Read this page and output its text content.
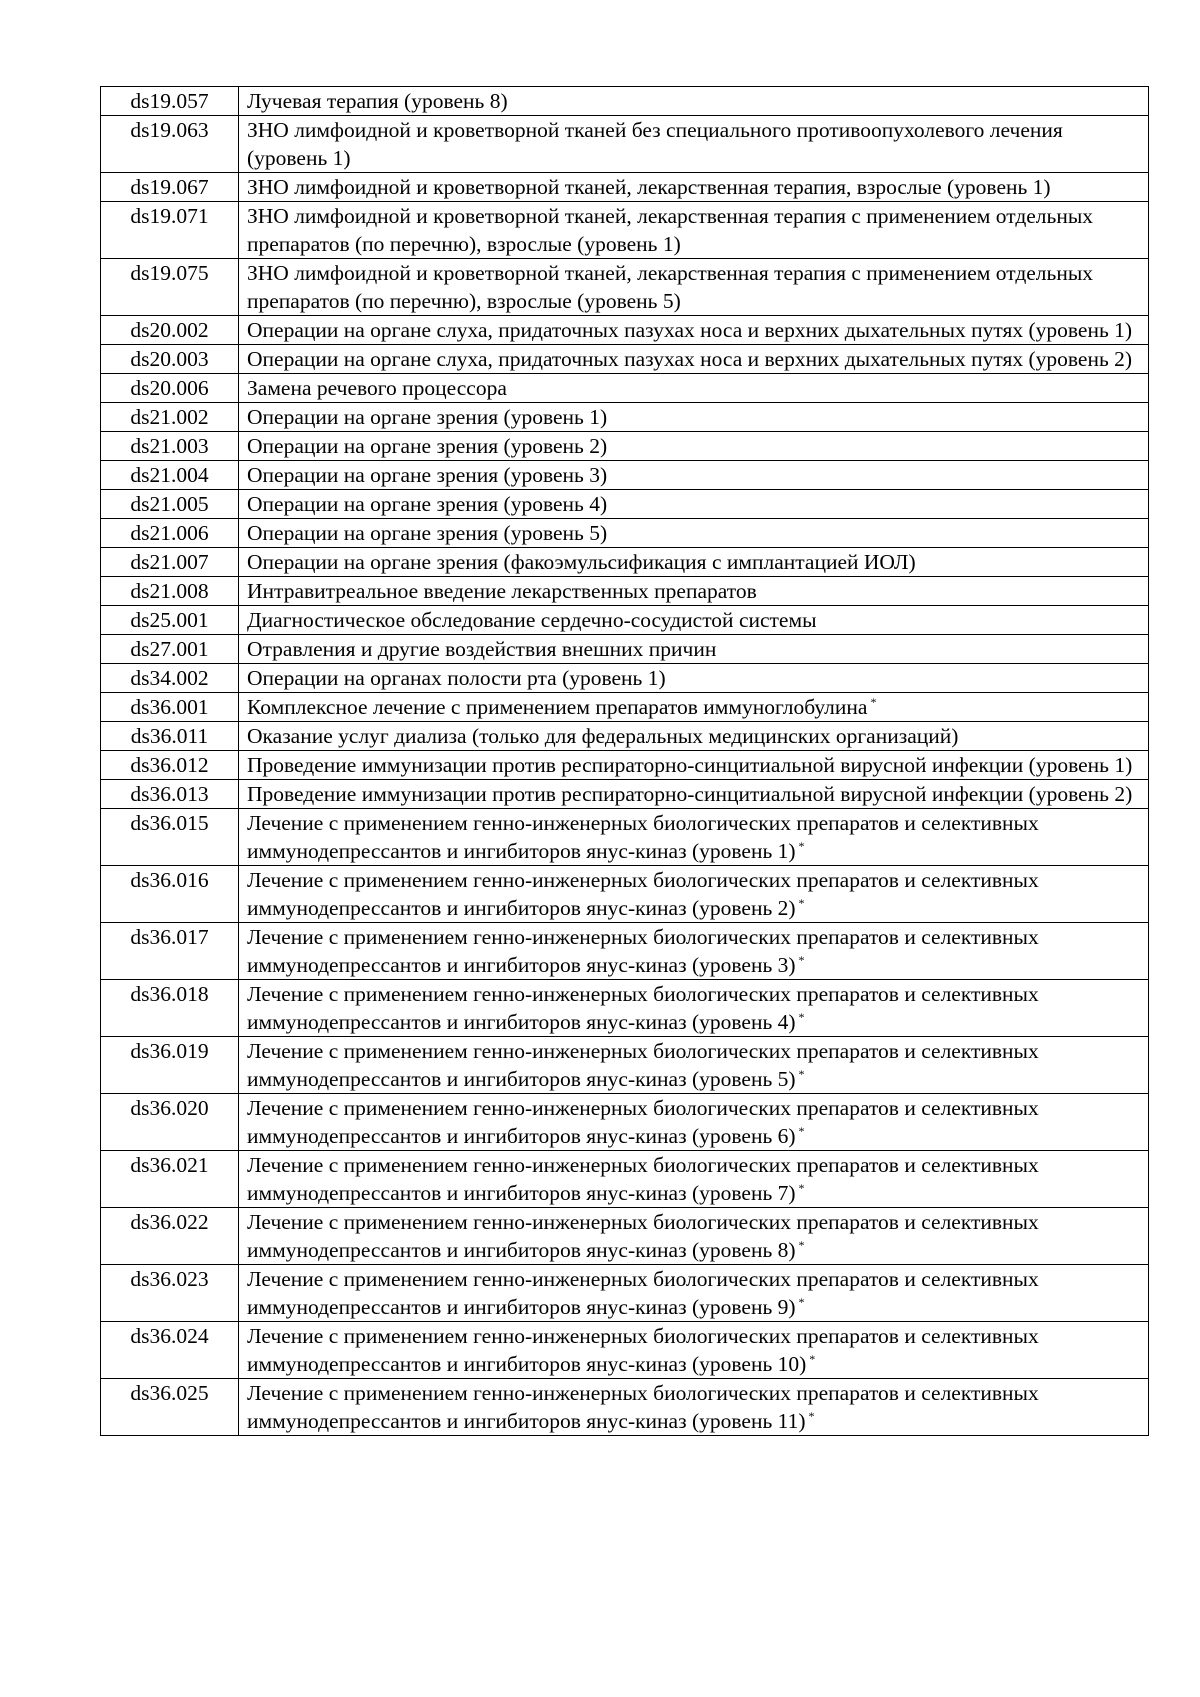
ds19.057	Лучевая терапия (уровень 8)
ds19.063	ЗНО лимфоидной и кроветворной тканей без специального противоопухолевого лечения (уровень 1)
ds19.067	ЗНО лимфоидной и кроветворной тканей, лекарственная терапия, взрослые (уровень 1)
ds19.071	ЗНО лимфоидной и кроветворной тканей, лекарственная терапия с применением отдельных препаратов (по перечню), взрослые (уровень 1)
ds19.075	ЗНО лимфоидной и кроветворной тканей, лекарственная терапия с применением отдельных препаратов (по перечню), взрослые (уровень 5)
ds20.002	Операции на органе слуха, придаточных пазухах носа и верхних дыхательных путях (уровень 1)
ds20.003	Операции на органе слуха, придаточных пазухах носа и верхних дыхательных путях (уровень 2)
ds20.006	Замена речевого процессора
ds21.002	Операции на органе зрения (уровень 1)
ds21.003	Операции на органе зрения (уровень 2)
ds21.004	Операции на органе зрения (уровень 3)
ds21.005	Операции на органе зрения (уровень 4)
ds21.006	Операции на органе зрения (уровень 5)
ds21.007	Операции на органе зрения (факоэмульсификация с имплантацией ИОЛ)
ds21.008	Интравитреальное введение лекарственных препаратов
ds25.001	Диагностическое обследование сердечно-сосудистой системы
ds27.001	Отравления и другие воздействия внешних причин
ds34.002	Операции на органах полости рта (уровень 1)
ds36.001	Комплексное лечение с применением препаратов иммуноглобулина *
ds36.011	Оказание услуг диализа (только для федеральных медицинских организаций)
ds36.012	Проведение иммунизации против респираторно-синцитиальной вирусной инфекции (уровень 1)
ds36.013	Проведение иммунизации против респираторно-синцитиальной вирусной инфекции (уровень 2)
ds36.015	Лечение с применением генно-инженерных биологических препаратов и селективных иммунодепрессантов и ингибиторов янус-киназ (уровень 1) *
ds36.016	Лечение с применением генно-инженерных биологических препаратов и селективных иммунодепрессантов и ингибиторов янус-киназ (уровень 2) *
ds36.017	Лечение с применением генно-инженерных биологических препаратов и селективных иммунодепрессантов и ингибиторов янус-киназ (уровень 3) *
ds36.018	Лечение с применением генно-инженерных биологических препаратов и селективных иммунодепрессантов и ингибиторов янус-киназ (уровень 4) *
ds36.019	Лечение с применением генно-инженерных биологических препаратов и селективных иммунодепрессантов и ингибиторов янус-киназ (уровень 5) *
ds36.020	Лечение с применением генно-инженерных биологических препаратов и селективных иммунодепрессантов и ингибиторов янус-киназ (уровень 6) *
ds36.021	Лечение с применением генно-инженерных биологических препаратов и селективных иммунодепрессантов и ингибиторов янус-киназ (уровень 7) *
ds36.022	Лечение с применением генно-инженерных биологических препаратов и селективных иммунодепрессантов и ингибиторов янус-киназ (уровень 8) *
ds36.023	Лечение с применением генно-инженерных биологических препаратов и селективных иммунодепрессантов и ингибиторов янус-киназ (уровень 9) *
ds36.024	Лечение с применением генно-инженерных биологических препаратов и селективных иммунодепрессантов и ингибиторов янус-киназ (уровень 10) *
ds36.025	Лечение с применением генно-инженерных биологических препаратов и селективных иммунодепрессантов и ингибиторов янус-киназ (уровень 11) *
